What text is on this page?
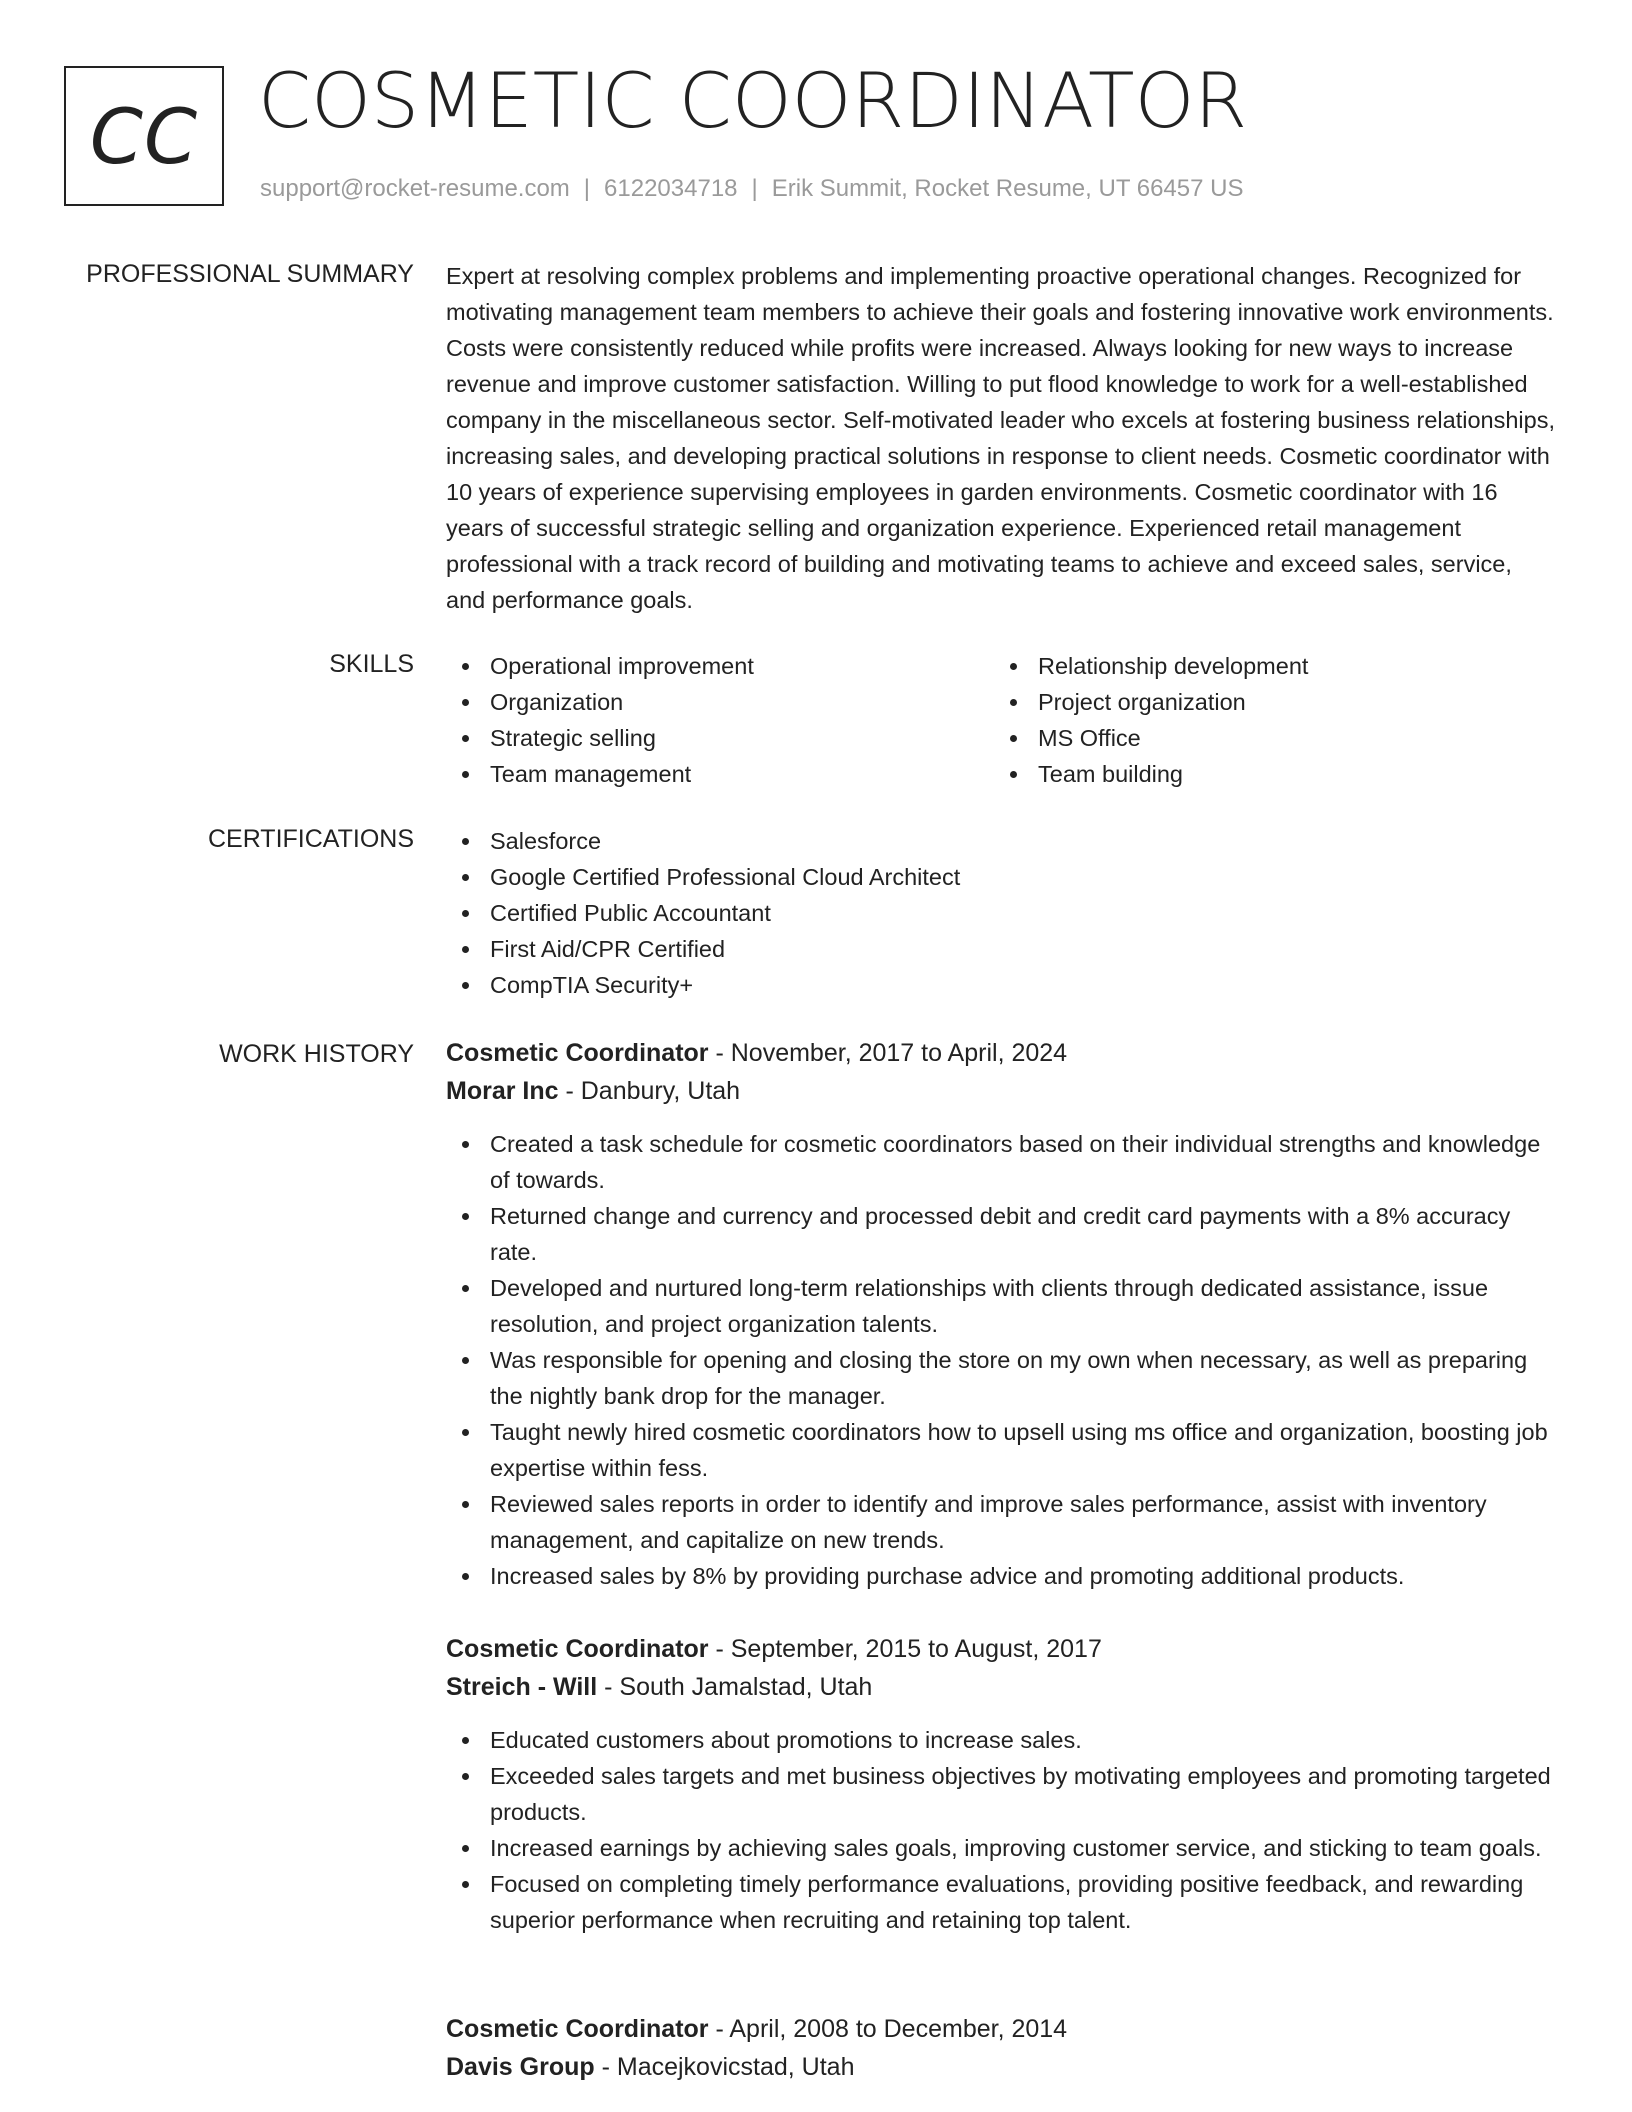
CC COSMETIC COORDINATOR
support@rocket-resume.com | 6122034718 | Erik Summit, Rocket Resume, UT 66457 US
PROFESSIONAL SUMMARY Expert at resolving complex problems and implementing proactive operational changes. Recognized for motivating management team members to achieve their goals and fostering innovative work environments. Costs were consistently reduced while profits were increased. Always looking for new ways to increase revenue and improve customer satisfaction. Willing to put flood knowledge to work for a well-established company in the miscellaneous sector. Self-motivated leader who excels at fostering business relationships, increasing sales, and developing practical solutions in response to client needs. Cosmetic coordinator with 10 years of experience supervising employees in garden environments. Cosmetic coordinator with 16 years of successful strategic selling and organization experience. Experienced retail management professional with a track record of building and motivating teams to achieve and exceed sales, service, and performance goals.

SKILLS	Operational improvement
Organization
Strategic selling
Team management
Relationship development
Project organization
MS Office
Team building
CERTIFICATIONS	Salesforce
Google Certified Professional Cloud Architect
Certified Public Accountant
First Aid/CPR Certified
CompTIA Security+
WORK HISTORY Cosmetic Coordinator - November, 2017 to April, 2024
Morar Inc - Danbury, Utah
Created a task schedule for cosmetic coordinators based on their individual strengths and knowledge of towards.
Returned change and currency and processed debit and credit card payments with a 8% accuracy rate.
Developed and nurtured long-term relationships with clients through dedicated assistance, issue resolution, and project organization talents.
Was responsible for opening and closing the store on my own when necessary, as well as preparing the nightly bank drop for the manager.
Taught newly hired cosmetic coordinators how to upsell using ms office and organization, boosting job expertise within fess.
Reviewed sales reports in order to identify and improve sales performance, assist with inventory management, and capitalize on new trends.
Increased sales by 8% by providing purchase advice and promoting additional products.
Cosmetic Coordinator - September, 2015 to August, 2017
Streich - Will - South Jamalstad, Utah
Educated customers about promotions to increase sales.
Exceeded sales targets and met business objectives by motivating employees and promoting targeted products.
Increased earnings by achieving sales goals, improving customer service, and sticking to team goals.
Focused on completing timely performance evaluations, providing positive feedback, and rewarding superior performance when recruiting and retaining top talent.
Cosmetic Coordinator - April, 2008 to December, 2014
Davis Group - Macejkovicstad, Utah
